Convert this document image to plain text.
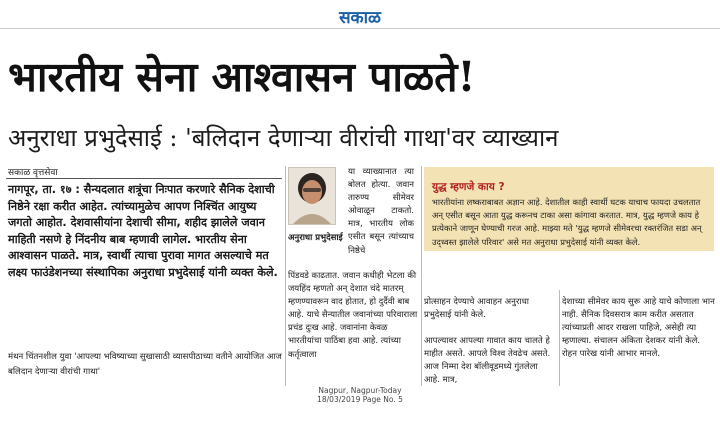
सकाळ
भारतीय सेना आश्वासन पाळते!
अनुराधा प्रभुदेसाई : 'बलिदान देणाऱ्या वीरांची गाथा'वर व्याख्यान
सकाळ वृत्तसेवा

नागपूर, ता. १७ : सैन्यदलात शत्रूंचा निःपात करणारे सैनिक देशाची निष्ठेने रक्षा करीत आहेत. त्यांच्यामुळेच आपण निश्चिंत आयुष्य जगतो आहोत. देशवासीयांना देशाची सीमा, शहीद झालेले जवान माहिती नसणे हे निंदनीय बाब म्हणावी लागेल. भारतीय सेना आश्वासन पाळते. मात्र, स्वार्थी त्याचा पुरावा मागत असल्याचे मत लक्ष्य फाउंडेशनच्या संस्थापिका अनुराधा प्रभुदेसाई यांनी व्यक्त केले.

मंथन चिंतनशील युवा 'आपल्या भविष्याच्या सुखासाठी व्यासपीठाच्या वतीने आयोजित आज बलिदान देणाऱ्या वीरांची गाथा'
अनुराधा प्रभुदेसाई
या व्याख्यानात त्या बोलत होत्या. जवान तारुण्य सीमेवर ओवाळून टाकतो. मात्र, भारतीय लोक एसीत बसून त्यांच्याच निष्ठेचे

पिंडवडे काढतात. जवान कधीही भेटला की जयहिंद म्हणतो अन् देशात चंदे मातरम् म्हणण्यावरून वाद होतात, हो दुर्दैवी बाब आहे. याचे सैन्यातील जवानांच्या परिवाराला प्रचंड दुःख आहे. जवानांना केवळ भारतीयांचा पाठिंबा हवा आहे. त्यांच्या कर्तृत्वाला

युद्ध म्हणजे काय ?
भारतीयांना लष्कराबाबत अज्ञान आहे. देशातील काही स्वार्थी घटक याचाच फायदा उचलतात अन् एसीत बसून आता युद्ध करूनच टाका असा कांगावा करतात. मात्र, युद्ध म्हणजे काय हे प्रत्येकाने जाणून घेण्याची गरज आहे. माझ्या मते 'युद्ध म्हणजे सीमेवरचा रक्तरंजित सडा अन् उद्ध्वस्त झालेले परिवार' असे मत अनुराधा प्रभुदेसाई यांनी व्यक्त केले.

प्रोत्साहन देण्याचे आवाहन अनुराधा प्रभुदेसाई यांनी केले.

आपल्यावर आपल्या गावात काय चालते हे माहीत असते. आपले विश्व तेवढेच असते. आज निम्मा देश बॉलीवूडमध्ये गुंतलेला आहे. मात्र,

देशाच्या सीमेवर काय सुरू आहे याचे कोणाला भान नाही. सैनिक दिवसरात्र काम करीत असतात त्यांच्याप्रती आदर राखला पाहिजे, असेही त्या म्हणाल्या. संचालन अंकिता देशकर यांनी केले. रोहन पारेख यांनी आभार मानले.
Nagpur, Nagpur-Today
18/03/2019 Page No. 5
